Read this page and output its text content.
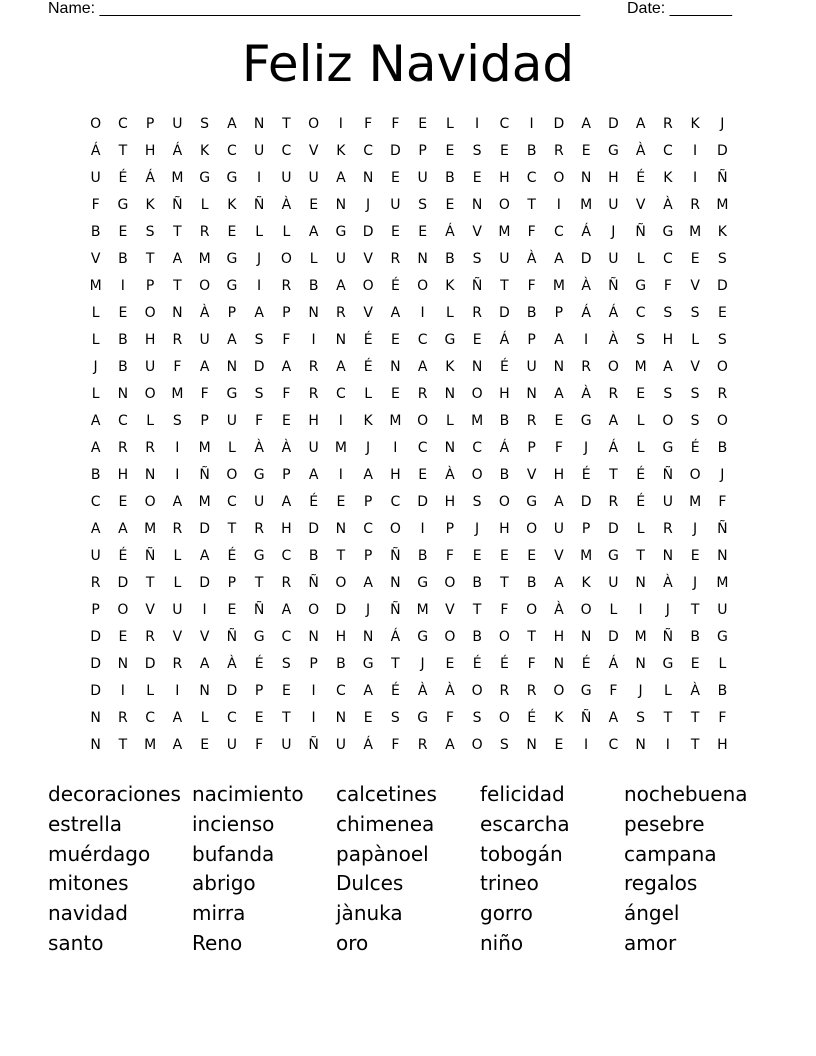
Name: ______________________________________________________	Date: _______
Feliz Navidad
O	C	P	U	S	A	N	T	O	I	F	F	E	L	I	C	I	D	A	D	A	R	K	J
Á	T	H	Á	K	C	U	C	V	K	C	D	P	E	S	E	B	R	E	G	À	C	I	D
U	É	Á	M	G	G	I	U	U	A	N	E	U	B	E	H	C	O	N	H	É	K	I	Ñ
F	G	K	Ñ	L	K	Ñ	À	E	N	J	U	S	E	N	O	T	I	M	U	V	À	R	M
B	E	S	T	R	E	L	L	A	G	D	E	E	Á	V	M	F	C	Á	J	Ñ	G	M	K
V	B	T	A	M	G	J	O	L	U	V	R	N	B	S	U	À	A	D	U	L	C	E	S
M	I	P	T	O	G	I	R	B	A	O	É	O	K	Ñ	T	F	M	À	Ñ	G	F	V	D
L	E	O	N	À	P	A	P	N	R	V	A	I	L	R	D	B	P	Á	Á	C	S	S	E
L	B	H	R	U	A	S	F	I	N	É	E	C	G	E	Á	P	A	I	À	S	H	L	S
J	B	U	F	A	N	D	A	R	A	É	N	A	K	N	É	U	N	R	O	M	A	V	O
L	N	O	M	F	G	S	F	R	C	L	E	R	N	O	H	N	A	À	R	E	S	S	R
A	C	L	S	P	U	F	E	H	I	K	M	O	L	M	B	R	E	G	A	L	O	S	O
A	R	R	I	M	L	À	À	U	M	J	I	C	N	C	Á	P	F	J	Á	L	G	É	B
B	H	N	I	Ñ	O	G	P	A	I	A	H	E	À	O	B	V	H	É	T	É	Ñ	O	J
C	E	O	A	M	C	U	A	É	E	P	C	D	H	S	O	G	A	D	R	É	U	M	F
A	A	M	R	D	T	R	H	D	N	C	O	I	P	J	H	O	U	P	D	L	R	J	Ñ
U	É	Ñ	L	A	É	G	C	B	T	P	Ñ	B	F	E	E	E	V	M	G	T	N	E	N
R	D	T	L	D	P	T	R	Ñ	O	A	N	G	O	B	T	B	A	K	U	N	À	J	M
P	O	V	U	I	E	Ñ	A	O	D	J	Ñ	M	V	T	F	O	À	O	L	I	J	T	U
D	E	R	V	V	Ñ	G	C	N	H	N	Á	G	O	B	O	T	H	N	D	M	Ñ	B	G
D	N	D	R	A	À	É	S	P	B	G	T	J	E	É	É	F	N	É	Á	N	G	E	L
D	I	L	I	N	D	P	E	I	C	A	É	À	À	O	R	R	O	G	F	J	L	À	B
N	R	C	A	L	C	E	T	I	N	E	S	G	F	S	O	É	K	Ñ	A	S	T	T	F
N	T	M	A	E	U	F	U	Ñ	U	Á	F	R	A	O	S	N	E	I	C	N	I	T	H
decoraciones nacimiento	calcetines	felicidad	nochebuena
estrella	incienso	chimenea	escarcha	pesebre
muérdago	bufanda	papànoel	tobogán	campana
mitones	abrigo	Dulces	trineo	regalos
navidad	mirra	jànuka	gorro	ángel
santo	Reno	oro	niño	amor
